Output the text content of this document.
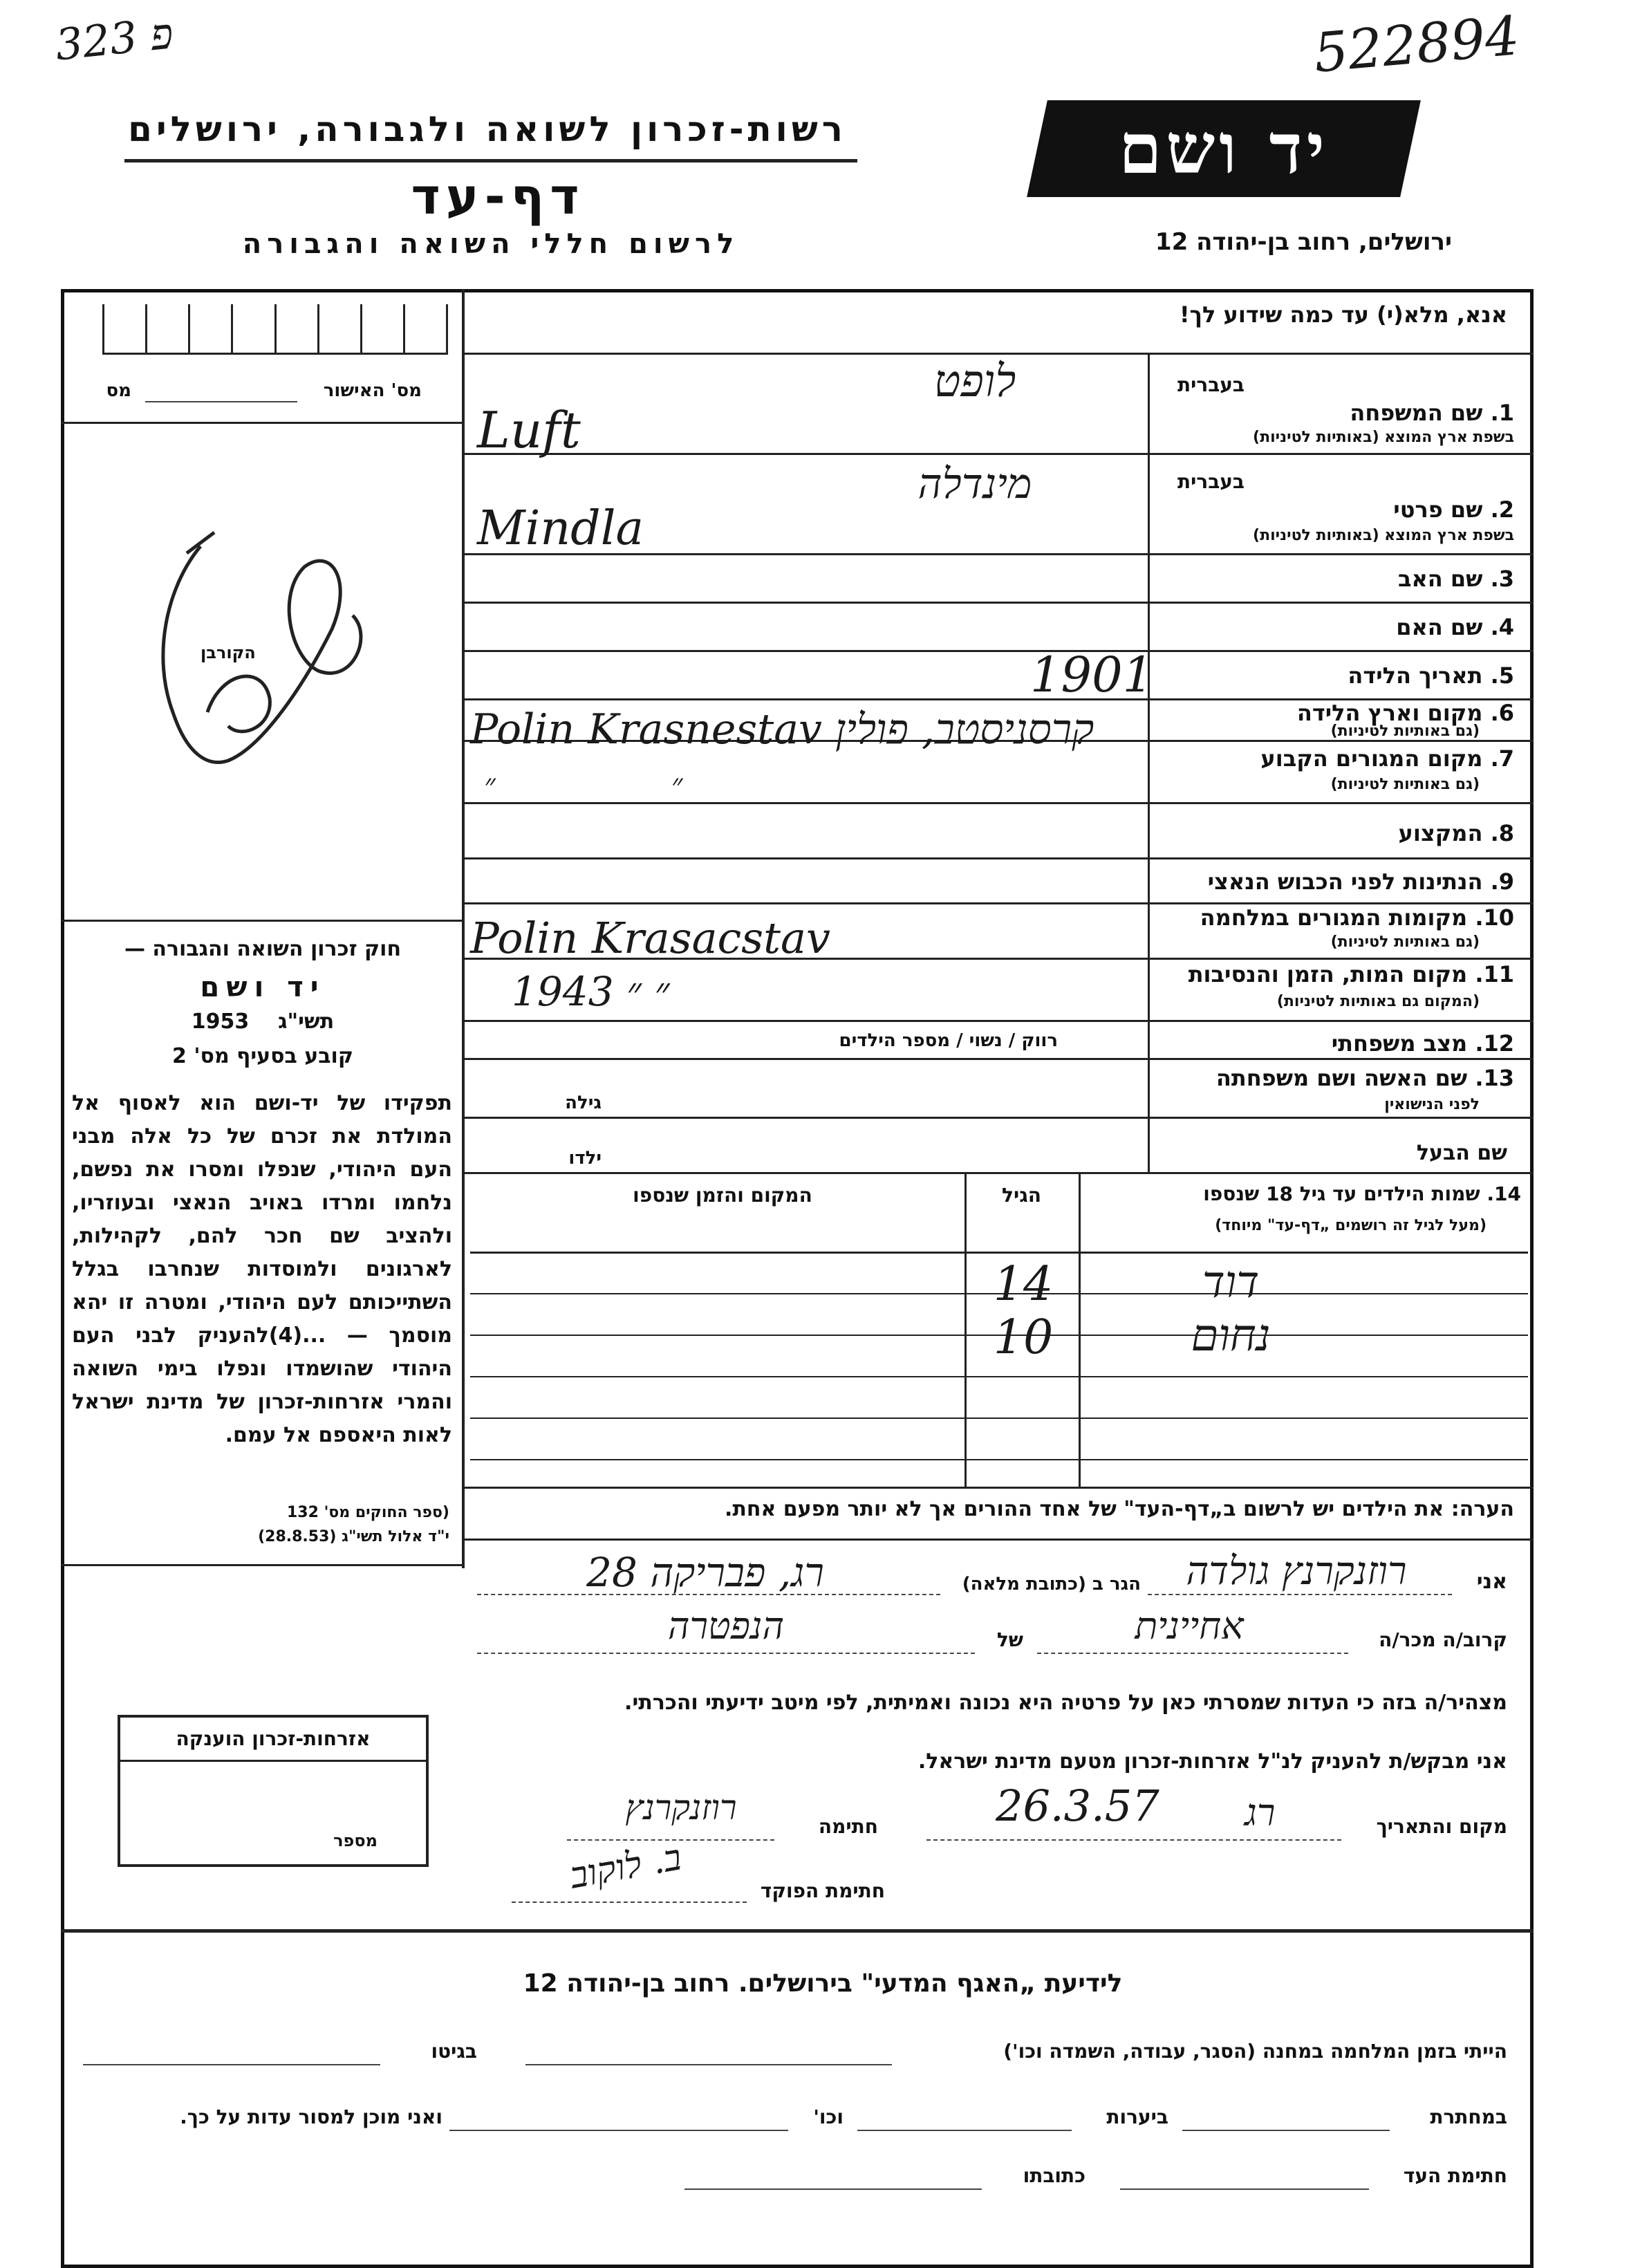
פ 323	522894
רשות-זכרון לשואה ולגבורה, ירושלים
דף-עד
לרשום חללי השואה והגבורה
יד ושם
ירושלים, רחוב בן-יהודה 12
מס' האישור
מס
הקורבן
חוק זכרון השואה והגבורה —
יד ושם
תשי"ג    1953
קובע בסעיף מס' 2
תפקידו של יד-ושם הוא לאסוף אל המולדת את זכרם של כל אלה מבני העם היהודי, שנפלו ומסרו את נפשם, נלחמו ומרדו באויב הנאצי ובעוזריו, ולהציב שם חכר להם, לקהילות, לארגונים ולמוסדות שנחרבו בגלל השתייכותם לעם היהודי, ומטרה זו יהא מוסמך — ...(4)להעניק לבני העם היהודי שהושמדו ונפלו בימי השואה והמרי אזרחות-זכרון של מדינת ישראל לאות היאספם אל עמם.
(ספר החוקים מס' 132
י"ד אלול תשי"ג (28.8.53)
אזרחות-זכרון הוענקה
מספר
אנא, מלא(י) עד כמה שידוע לך!
בעברית
1. שם המשפחה
בשפת ארץ המוצא (באותיות לטיניות)
לופט
Luft
בעברית
2. שם פרטי
בשפת ארץ המוצא (באותיות לטיניות)
מינדלה
Mindla
3. שם האב
4. שם האם
5. תאריך הלידה
1901
6. מקום וארץ הלידה
(גם באותיות לטיניות)
Polin Krasnestav קרסניסטב, פולין
7. מקום המגורים הקבוע
(גם באותיות לטיניות)
״ ״
8. המקצוע
9. הנתינות לפני הכבוש הנאצי
10. מקומות המגורים במלחמה
(גם באותיות לטיניות)
Polin Krasacstav
11. מקום המות, הזמן והנסיבות
(המקום גם באותיות לטיניות)
״ ״ 1943
12. מצב משפחתי
רווק / נשוי / מספר הילדים
13. שם האשה ושם משפחתה
לפני הנישואין
גילה
ילדו	שם הבעל
14. שמות הילדים עד גיל 18 שנספו
(מעל לגיל זה רושמים „דף-עד" מיוחד)
הגיל
המקום והזמן שנספו
דוד
14
נחום
10
הערה: את הילדים יש לרשום ב„דף-העד" של אחד ההורים אך לא יותר מפעם אחת.
אני
רוזנקרנץ גולדה
הגר ב (כתובת מלאה)
רג, פבריקה 28
קרוב/ה מכר/ה
אחיינית
של
הנפטרה
מצהיר/ה בזה כי העדות שמסרתי כאן על פרטיה היא נכונה ואמיתית, לפי מיטב ידיעתי והכרתי.
אני מבקש/ת להעניק לנ"ל אזרחות-זכרון מטעם מדינת ישראל.
מקום והתאריך
רג
26.3.57
חתימה
רוזנקרנץ
חתימת הפוקד
ב. לוקוב
לידיעת „האגף המדעי" בירושלים. רחוב בן-יהודה 12
הייתי בזמן המלחמה במחנה (הסגר, עבודה, השמדה וכו')
בגיטו
במחתרת
ביערות
וכו'
ואני מוכן למסור עדות על כך.
חתימת העד
כתובתו
